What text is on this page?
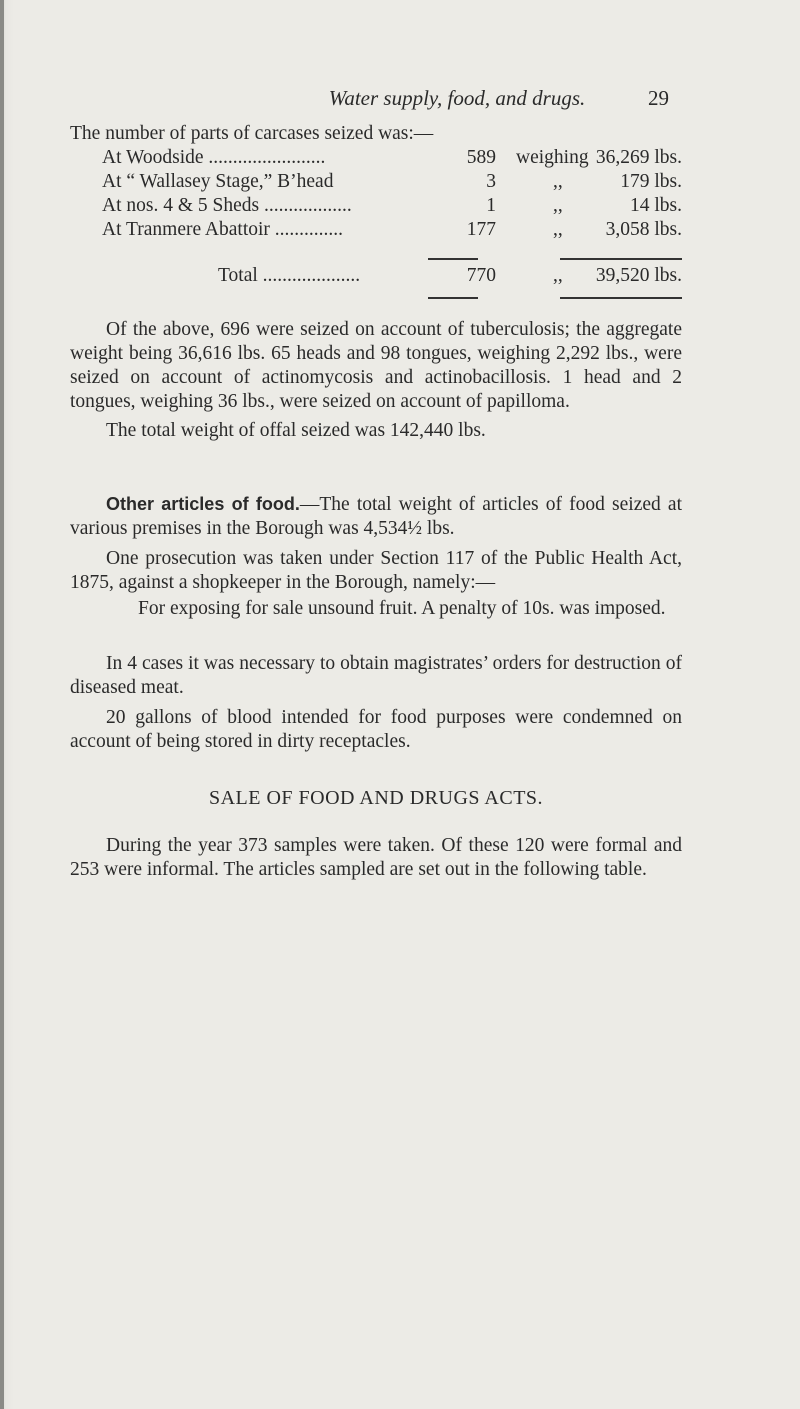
Water supply, food, and drugs.	29
The number of parts of carcases seized was:—
At Woodside ........................	589 weighing 36,269 lbs.
At “ Wallasey Stage,” B’head	3	,,	179 lbs.
At nos. 4 & 5 Sheds ..................	1	,,	14 lbs.
At Tranmere Abattoir ..............	177	,, 3,058 lbs.
Total ....................	770	,, 39,520 lbs.
Of the above, 696 were seized on account of tuberculosis; the aggregate weight being 36,616 lbs. 65 heads and 98 tongues, weighing 2,292 lbs., were seized on account of actinomycosis and actinobacillosis. 1 head and 2 tongues, weighing 36 lbs., were seized on account of papilloma.
The total weight of offal seized was 142,440 lbs.
Other articles of food.—The total weight of articles of food seized at various premises in the Borough was 4,534½ lbs.
One prosecution was taken under Section 117 of the Public Health Act, 1875, against a shopkeeper in the Borough, namely:—
For exposing for sale unsound fruit. A penalty of 10s. was imposed.
In 4 cases it was necessary to obtain magistrates’ orders for destruction of diseased meat.
20 gallons of blood intended for food purposes were condemned on account of being stored in dirty receptacles.
SALE OF FOOD AND DRUGS ACTS.
During the year 373 samples were taken. Of these 120 were formal and 253 were informal. The articles sampled are set out in the following table.
